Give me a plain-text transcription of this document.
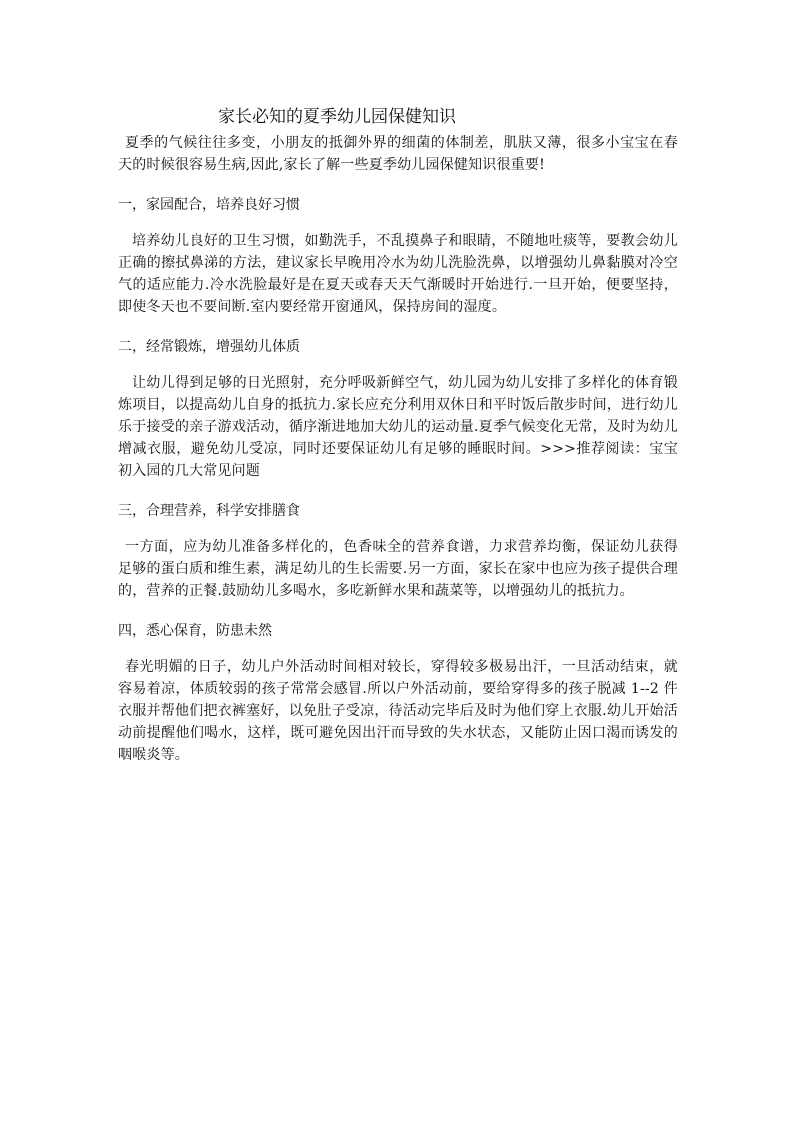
家长必知的夏季幼儿园保健知识

夏季的气候往往多变，小朋友的抵御外界的细菌的体制差，肌肤又薄，很多小宝宝在春天的时候很容易生病,因此,家长了解一些夏季幼儿园保健知识很重要!

一，家园配合，培养良好习惯

培养幼儿良好的卫生习惯，如勤洗手，不乱摸鼻子和眼睛，不随地吐痰等，要教会幼儿正确的擦拭鼻涕的方法，建议家长早晚用冷水为幼儿洗脸洗鼻，以增强幼儿鼻黏膜对冷空气的适应能力.冷水洗脸最好是在夏天或春天天气渐暖时开始进行.一旦开始，便要坚持，即使冬天也不要间断.室内要经常开窗通风，保持房间的湿度。

二，经常锻炼，增强幼儿体质

让幼儿得到足够的日光照射，充分呼吸新鲜空气，幼儿园为幼儿安排了多样化的体育锻炼项目，以提高幼儿自身的抵抗力.家长应充分利用双休日和平时饭后散步时间，进行幼儿乐于接受的亲子游戏活动，循序渐进地加大幼儿的运动量.夏季气候变化无常，及时为幼儿增减衣服，避免幼儿受凉，同时还要保证幼儿有足够的睡眠时间。>>>推荐阅读：宝宝初入园的几大常见问题

三，合理营养，科学安排膳食

一方面，应为幼儿准备多样化的，色香味全的营养食谱，力求营养均衡，保证幼儿获得足够的蛋白质和维生素，满足幼儿的生长需要.另一方面，家长在家中也应为孩子提供合理的，营养的正餐.鼓励幼儿多喝水，多吃新鲜水果和蔬菜等，以增强幼儿的抵抗力。

四，悉心保育，防患未然

春光明媚的日子，幼儿户外活动时间相对较长，穿得较多极易出汗，一旦活动结束，就容易着凉，体质较弱的孩子常常会感冒.所以户外活动前，要给穿得多的孩子脱减 1--2 件衣服并帮他们把衣裤塞好，以免肚子受凉，待活动完毕后及时为他们穿上衣服.幼儿开始活动前提醒他们喝水，这样，既可避免因出汗而导致的失水状态，又能防止因口渴而诱发的咽喉炎等。
